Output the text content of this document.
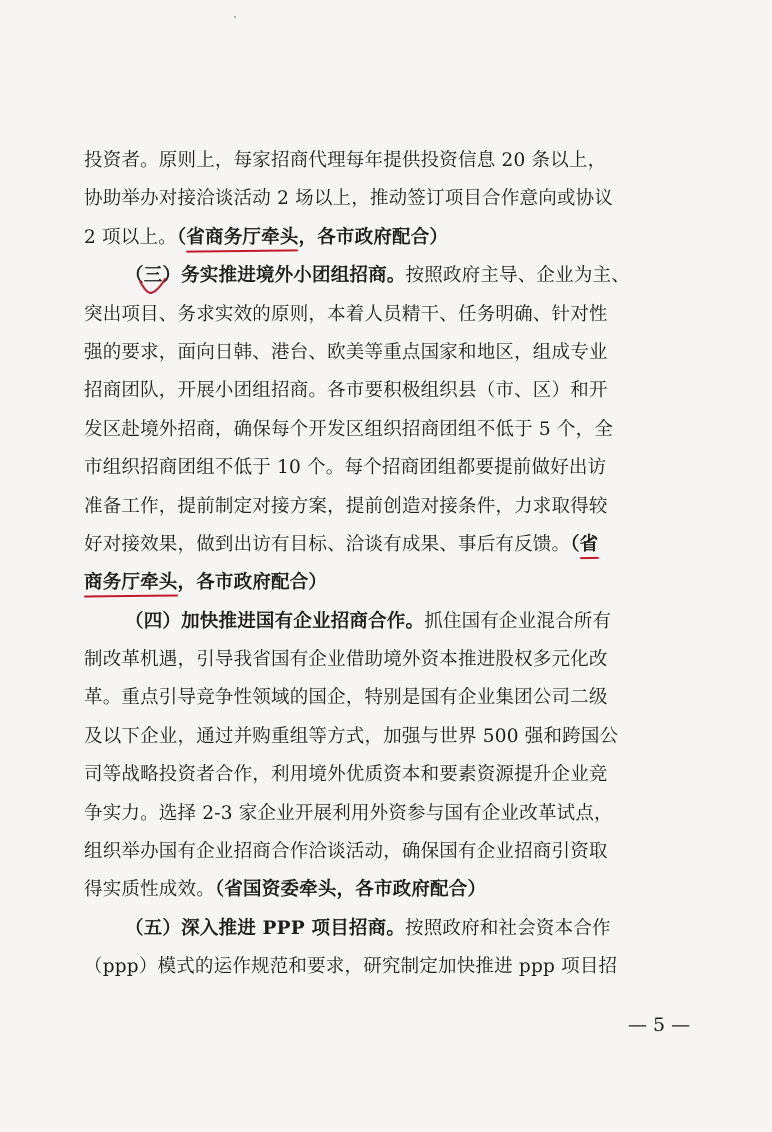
投资者。原则上，每家招商代理每年提供投资信息 20 条以上，
协助举办对接洽谈活动 2 场以上，推动签订项目合作意向或协议
2 项以上。（省商务厅牵头，各市政府配合）
（三
）务实推进境外小团组招商。按照政府主导、企业为主、
突出项目、务求实效的原则，本着人员精干、任务明确、针对性
强的要求，面向日韩、港台、欧美等重点国家和地区，组成专业
招商团队，开展小团组招商。各市要积极组织县（市、区）和开
发区赴境外招商，确保每个开发区组织招商团组不低于 5 个，全
市组织招商团组不低于 10 个。每个招商团组都要提前做好出访
准备工作，提前制定对接方案，提前创造对接条件，力求取得较
好对接效果，做到出访有目标、洽谈有成果、事后有反馈。（省
商务厅牵头，各市政府配合）
（四）加快推进国有企业招商合作。抓住国有企业混合所有
制改革机遇，引导我省国有企业借助境外资本推进股权多元化改
革。重点引导竞争性领域的国企，特别是国有企业集团公司二级
及以下企业，通过并购重组等方式，加强与世界 500 强和跨国公
司等战略投资者合作，利用境外优质资本和要素资源提升企业竞
争实力。选择 2-3 家企业开展利用外资参与国有企业改革试点，
组织举办国有企业招商合作洽谈活动，确保国有企业招商引资取
得实质性成效。（省国资委牵头，各市政府配合）
（五）深入推进 PPP 项目招商。按照政府和社会资本合作
（ppp）模式的运作规范和要求，研究制定加快推进 ppp 项目招
— 5 —
